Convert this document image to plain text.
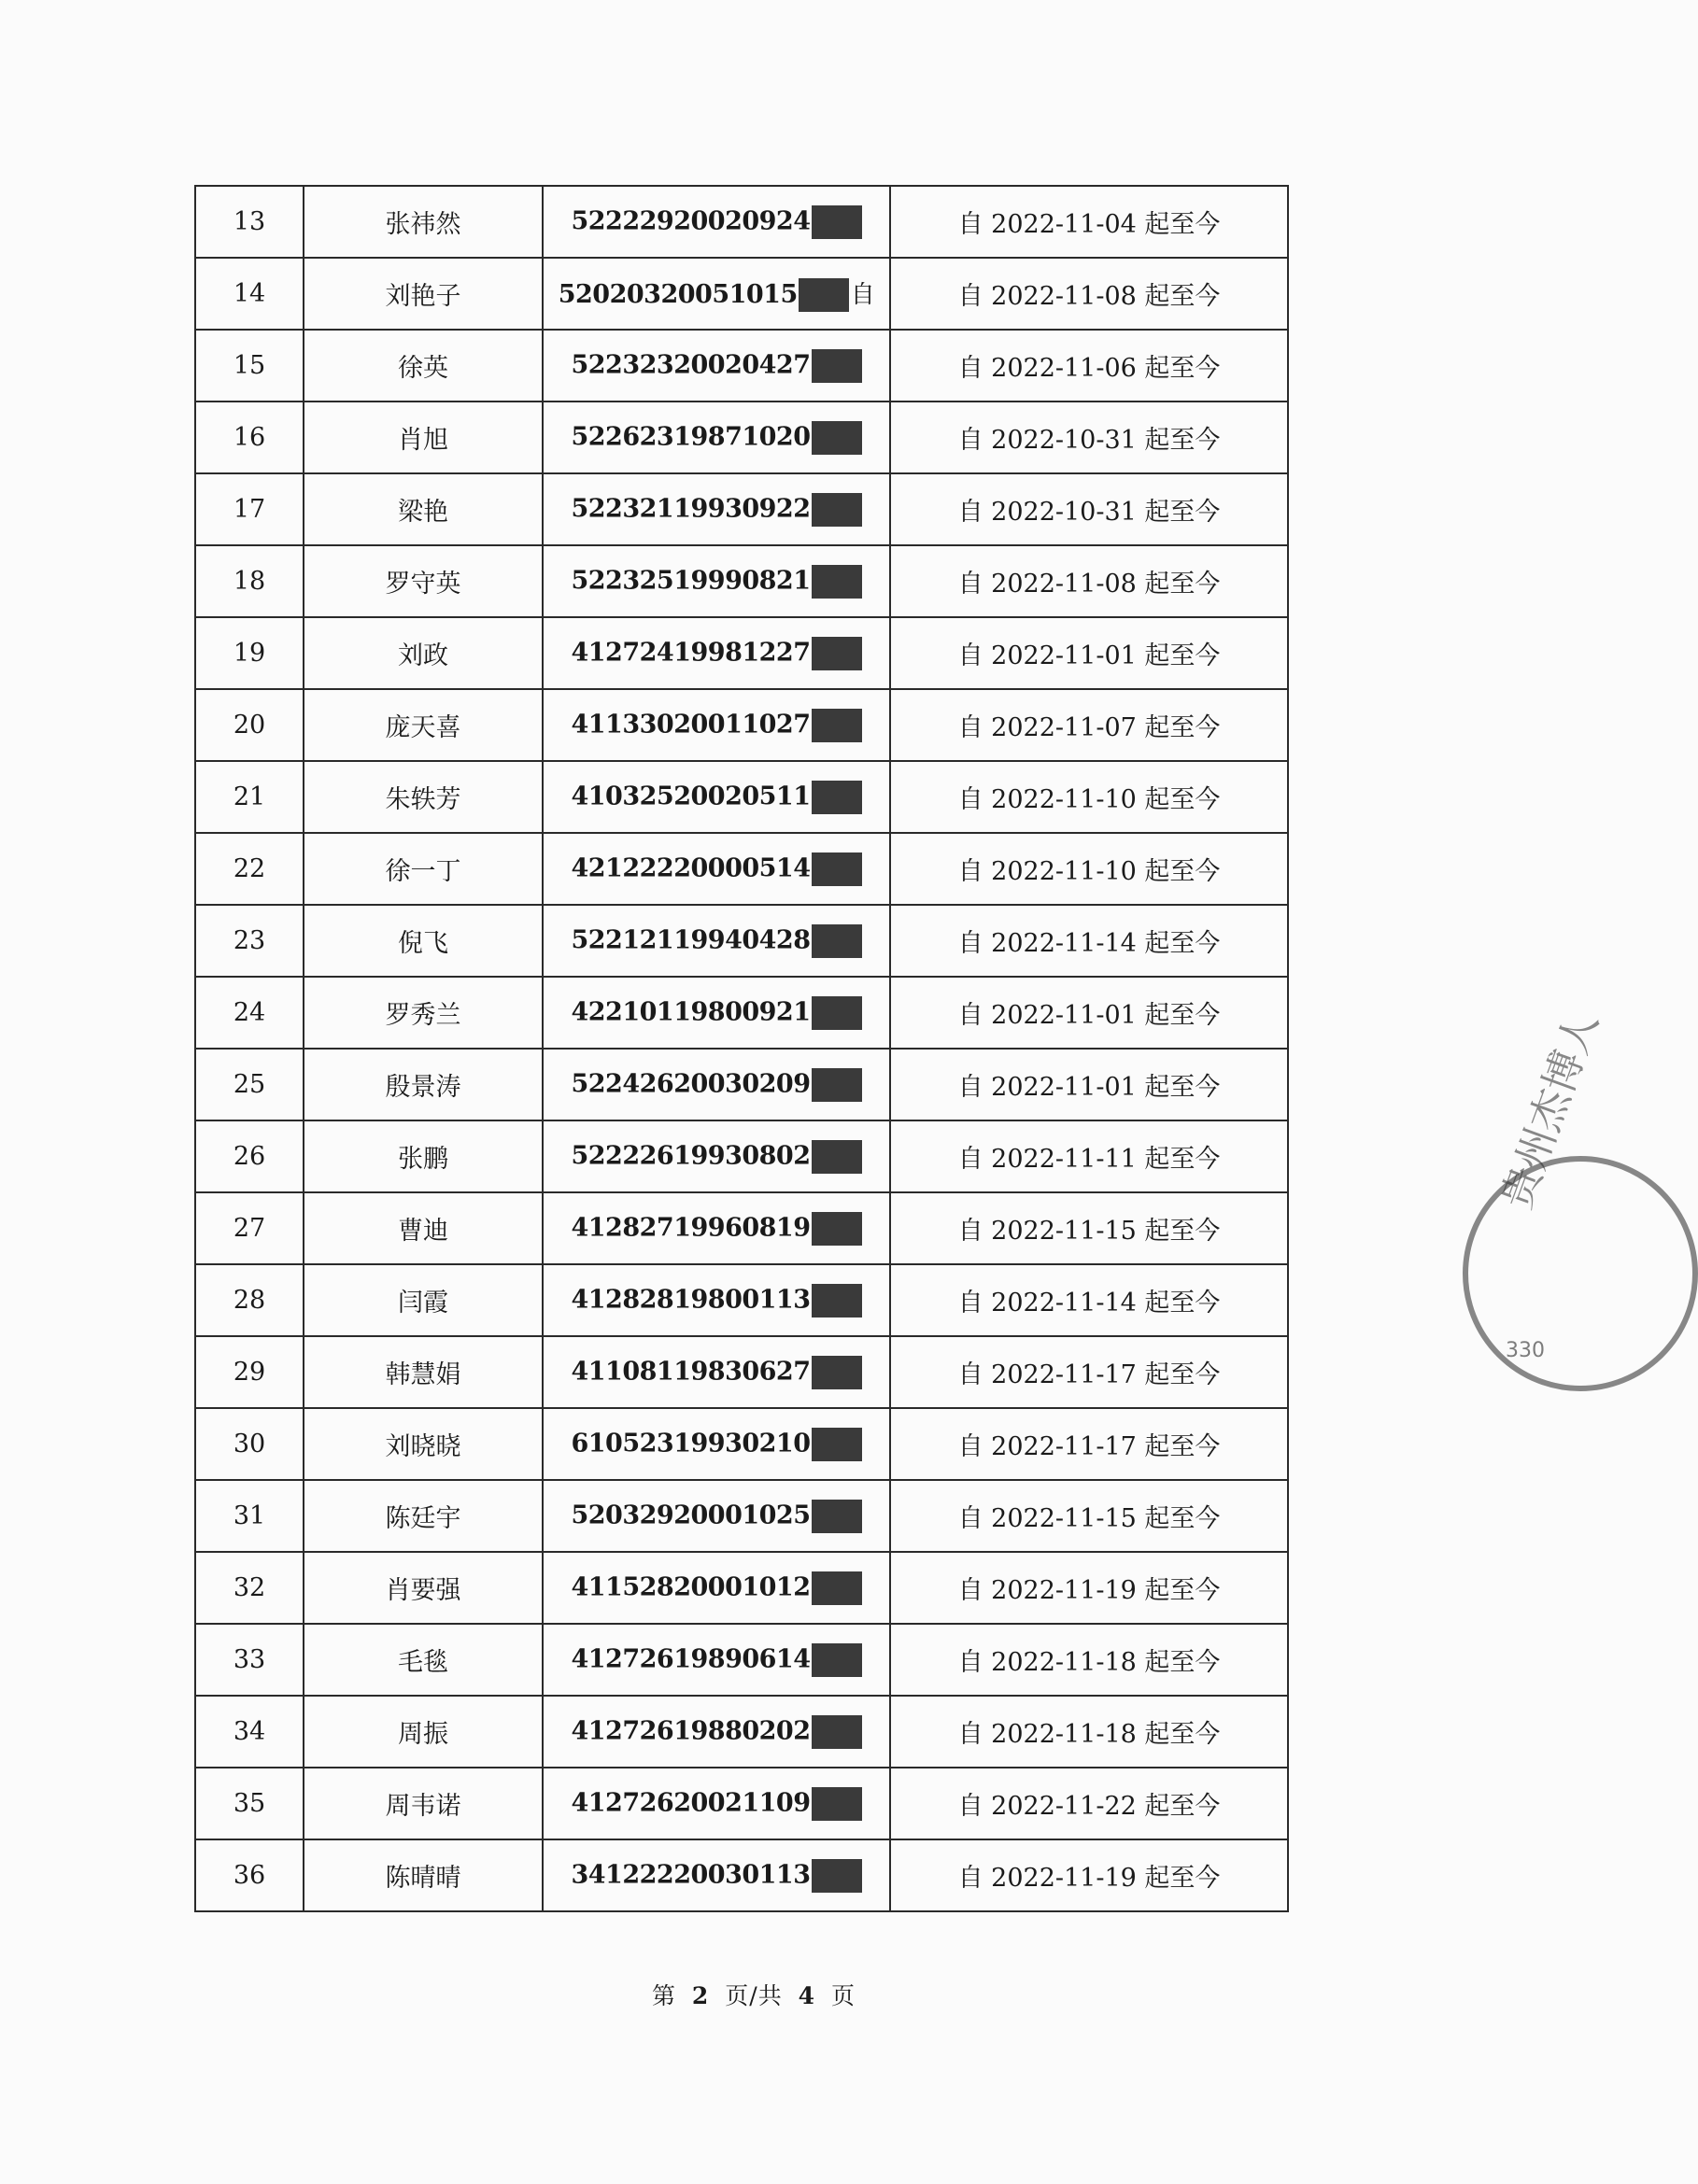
13	张祎然	52222920020924	自 2022-11-04 起至今
14	刘艳子	52020320051015 自	自 2022-11-08 起至今
15	徐英	52232320020427	自 2022-11-06 起至今
16	肖旭	52262319871020	自 2022-10-31 起至今
17	梁艳	52232119930922	自 2022-10-31 起至今
18	罗守英	52232519990821	自 2022-11-08 起至今
19	刘政	41272419981227	自 2022-11-01 起至今
20	庞天喜	41133020011027	自 2022-11-07 起至今
21	朱轶芳	41032520020511	自 2022-11-10 起至今
22	徐一丁	42122220000514	自 2022-11-10 起至今
23	倪飞	52212119940428	自 2022-11-14 起至今
24	罗秀兰	42210119800921	自 2022-11-01 起至今
25	殷景涛	52242620030209	自 2022-11-01 起至今
26	张鹏	52222619930802	自 2022-11-11 起至今
27	曹迪	41282719960819	自 2022-11-15 起至今
28	闫霞	41282819800113	自 2022-11-14 起至今
29	韩慧娟	41108119830627	自 2022-11-17 起至今
30	刘晓晓	61052319930210	自 2022-11-17 起至今
31	陈廷宇	52032920001025	自 2022-11-15 起至今
32	肖要强	41152820001012	自 2022-11-19 起至今
33	毛毯	41272619890614	自 2022-11-18 起至今
34	周振	41272619880202	自 2022-11-18 起至今
35	周韦诺	41272620021109	自 2022-11-22 起至今
36	陈晴晴	34122220030113	自 2022-11-19 起至今
第 2 页/共 4 页
贵州杰博人
330
